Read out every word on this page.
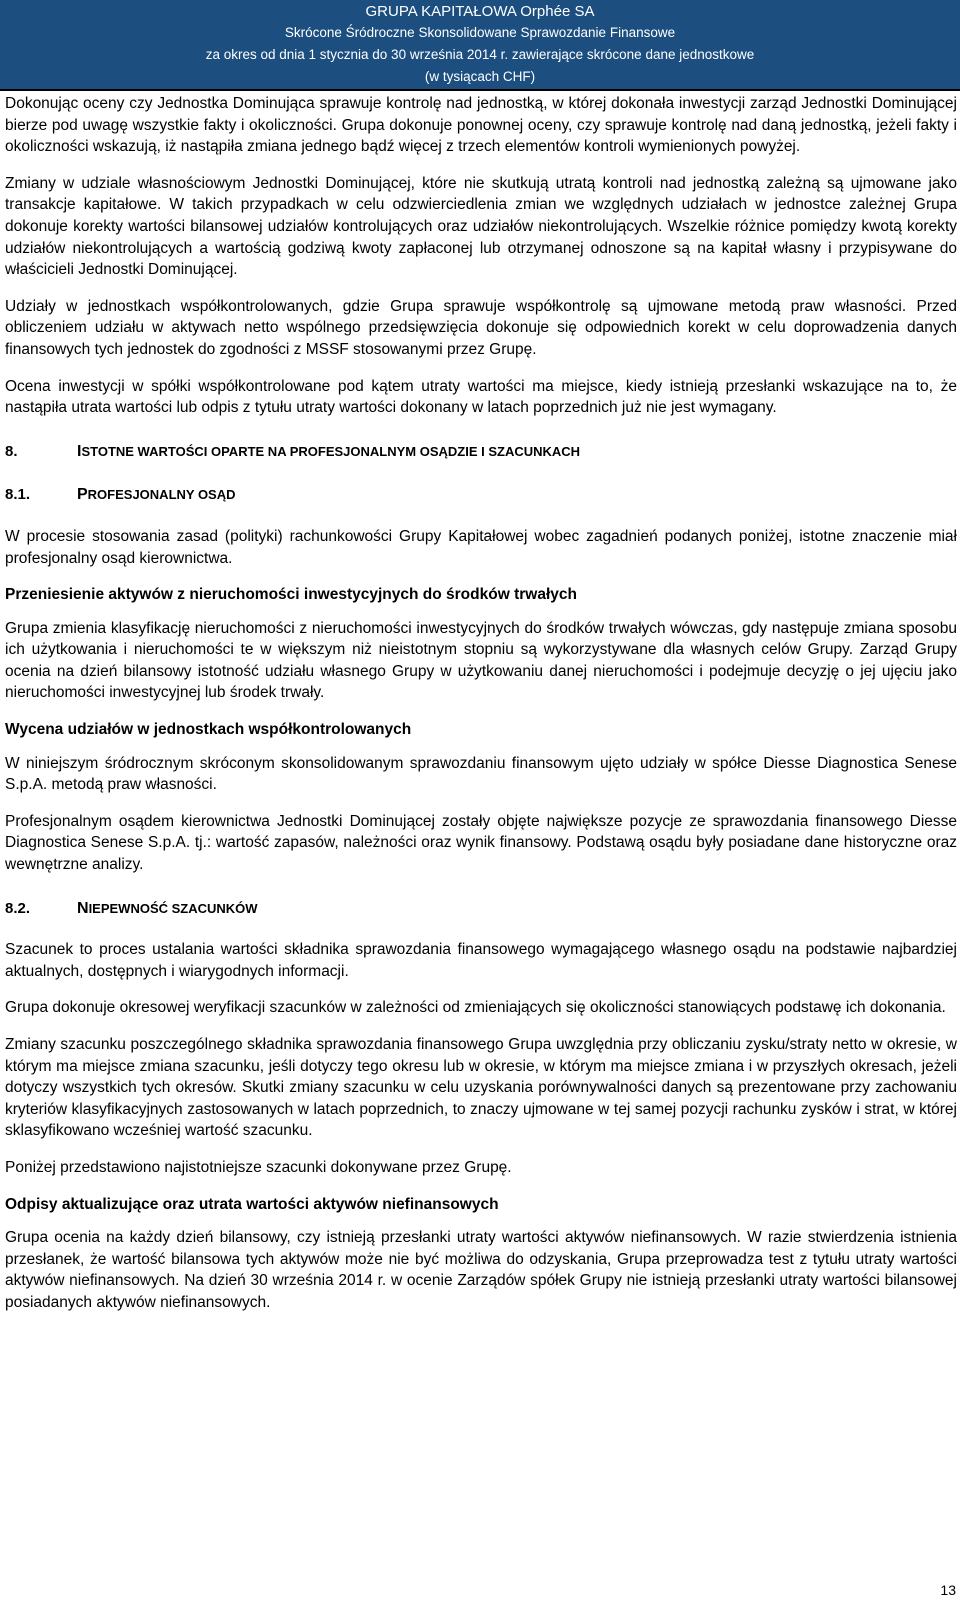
GRUPA KAPITAŁOWA Orphée SA
Skrócone Śródroczne Skonsolidowane Sprawozdanie Finansowe
za okres od dnia 1 stycznia do 30 września 2014 r. zawierające skrócone dane jednostkowe
(w tysiącach CHF)

Dokonując oceny czy Jednostka Dominująca sprawuje kontrolę nad jednostką, w której dokonała inwestycji zarząd Jednostki Dominującej bierze pod uwagę wszystkie fakty i okoliczności. Grupa dokonuje ponownej oceny, czy sprawuje kontrolę nad daną jednostką, jeżeli fakty i okoliczności wskazują, iż nastąpiła zmiana jednego bądź więcej z trzech elementów kontroli wymienionych powyżej.

Zmiany w udziale własnościowym Jednostki Dominującej, które nie skutkują utratą kontroli nad jednostką zależną są ujmowane jako transakcje kapitałowe. W takich przypadkach w celu odzwierciedlenia zmian we względnych udziałach w jednostce zależnej Grupa dokonuje korekty wartości bilansowej udziałów kontrolujących oraz udziałów niekontrolujących. Wszelkie różnice pomiędzy kwotą korekty udziałów niekontrolujących a wartością godziwą kwoty zapłaconej lub otrzymanej odnoszone są na kapitał własny i przypisywane do właścicieli Jednostki Dominującej.

Udziały w jednostkach współkontrolowanych, gdzie Grupa sprawuje współkontrolę są ujmowane metodą praw własności. Przed obliczeniem udziału w aktywach netto wspólnego przedsięwzięcia dokonuje się odpowiednich korekt w celu doprowadzenia danych finansowych tych jednostek do zgodności z MSSF stosowanymi przez Grupę.

Ocena inwestycji w spółki współkontrolowane pod kątem utraty wartości ma miejsce, kiedy istnieją przesłanki wskazujące na to, że nastąpiła utrata wartości lub odpis z tytułu utraty wartości dokonany w latach poprzednich już nie jest wymagany.

8.	ISTOTNE WARTOŚCI OPARTE NA PROFESJONALNYM OSĄDZIE I SZACUNKACH
8.1.	PROFESJONALNY OSĄD

W procesie stosowania zasad (polityki) rachunkowości Grupy Kapitałowej wobec zagadnień podanych poniżej, istotne znaczenie miał profesjonalny osąd kierownictwa.

Przeniesienie aktywów z nieruchomości inwestycyjnych do środków trwałych

Grupa zmienia klasyfikację nieruchomości z nieruchomości inwestycyjnych do środków trwałych wówczas, gdy następuje zmiana sposobu ich użytkowania i nieruchomości te w większym niż nieistotnym stopniu są wykorzystywane dla własnych celów Grupy. Zarząd Grupy ocenia na dzień bilansowy istotność udziału własnego Grupy w użytkowaniu danej nieruchomości i podejmuje decyzję o jej ujęciu jako nieruchomości inwestycyjnej lub środek trwały.

Wycena udziałów w jednostkach współkontrolowanych

W niniejszym śródrocznym skróconym skonsolidowanym sprawozdaniu finansowym ujęto udziały w spółce Diesse Diagnostica Senese S.p.A. metodą praw własności.

Profesjonalnym osądem kierownictwa Jednostki Dominującej zostały objęte największe pozycje ze sprawozdania finansowego Diesse Diagnostica Senese S.p.A. tj.: wartość zapasów, należności oraz wynik finansowy. Podstawą osądu były posiadane dane historyczne oraz wewnętrzne analizy.

8.2.	NIEPEWNOŚĆ SZACUNKÓW

Szacunek to proces ustalania wartości składnika sprawozdania finansowego wymagającego własnego osądu na podstawie najbardziej aktualnych, dostępnych i wiarygodnych informacji.

Grupa dokonuje okresowej weryfikacji szacunków w zależności od zmieniających się okoliczności stanowiących podstawę ich dokonania.

Zmiany szacunku poszczególnego składnika sprawozdania finansowego Grupa uwzględnia przy obliczaniu zysku/straty netto w okresie, w którym ma miejsce zmiana szacunku, jeśli dotyczy tego okresu lub w okresie, w którym ma miejsce zmiana i w przyszłych okresach, jeżeli dotyczy wszystkich tych okresów. Skutki zmiany szacunku w celu uzyskania porównywalności danych są prezentowane przy zachowaniu kryteriów klasyfikacyjnych zastosowanych w latach poprzednich, to znaczy ujmowane w tej samej pozycji rachunku zysków i strat, w której sklasyfikowano wcześniej wartość szacunku.

Poniżej przedstawiono najistotniejsze szacunki dokonywane przez Grupę.

Odpisy aktualizujące oraz utrata wartości aktywów niefinansowych

Grupa ocenia na każdy dzień bilansowy, czy istnieją przesłanki utraty wartości aktywów niefinansowych. W razie stwierdzenia istnienia przesłanek, że wartość bilansowa tych aktywów może nie być możliwa do odzyskania, Grupa przeprowadza test z tytułu utraty wartości aktywów niefinansowych. Na dzień 30 września 2014 r. w ocenie Zarządów spółek Grupy nie istnieją przesłanki utraty wartości bilansowej posiadanych aktywów niefinansowych.

13
